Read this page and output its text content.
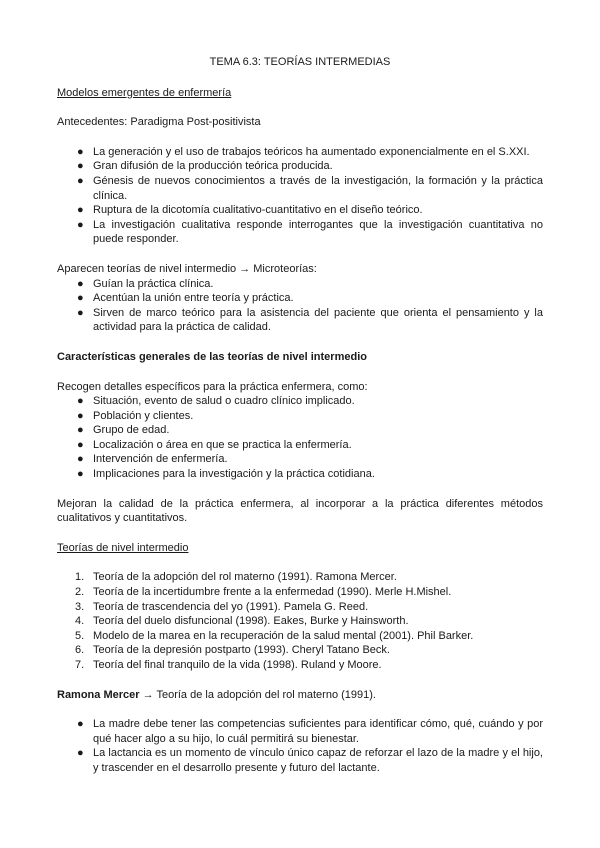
TEMA 6.3: TEORÍAS INTERMEDIAS

Modelos emergentes de enfermería

Antecedentes: Paradigma Post-positivista

● La generación y el uso de trabajos teóricos ha aumentado exponencialmente en el S.XXI.
● Gran difusión de la producción teórica producida.
● Génesis de nuevos conocimientos a través de la investigación, la formación y la práctica clínica.
● Ruptura de la dicotomía cualitativo-cuantitativo en el diseño teórico.
● La investigación cualitativa responde interrogantes que la investigación cuantitativa no puede responder.

Aparecen teorías de nivel intermedio → Microteorías:

● Guían la práctica clínica.
● Acentúan la unión entre teoría y práctica.
● Sirven de marco teórico para la asistencia del paciente que orienta el pensamiento y la actividad para la práctica de calidad.

Características generales de las teorías de nivel intermedio

Recogen detalles específicos para la práctica enfermera, como:

● Situación, evento de salud o cuadro clínico implicado.
● Población y clientes.
● Grupo de edad.
● Localización o área en que se practica la enfermería.
● Intervención de enfermería.
● Implicaciones para la investigación y la práctica cotidiana.

Mejoran la calidad de la práctica enfermera, al incorporar a la práctica diferentes métodos cualitativos y cuantitativos.

Teorías de nivel intermedio

1. Teoría de la adopción del rol materno (1991). Ramona Mercer.
2. Teoría de la incertidumbre frente a la enfermedad (1990). Merle H.Mishel.
3. Teoría de trascendencia del yo (1991). Pamela G. Reed.
4. Teoría del duelo disfuncional (1998). Eakes, Burke y Hainsworth.
5. Modelo de la marea en la recuperación de la salud mental (2001). Phil Barker.
6. Teoría de la depresión postparto (1993). Cheryl Tatano Beck.
7. Teoría del final tranquilo de la vida (1998). Ruland y Moore.

Ramona Mercer → Teoría de la adopción del rol materno (1991).

● La madre debe tener las competencias suficientes para identificar cómo, qué, cuándo y por qué hacer algo a su hijo, lo cuál permitirá su bienestar.
● La lactancia es un momento de vínculo único capaz de reforzar el lazo de la madre y el hijo, y trascender en el desarrollo presente y futuro del lactante.
